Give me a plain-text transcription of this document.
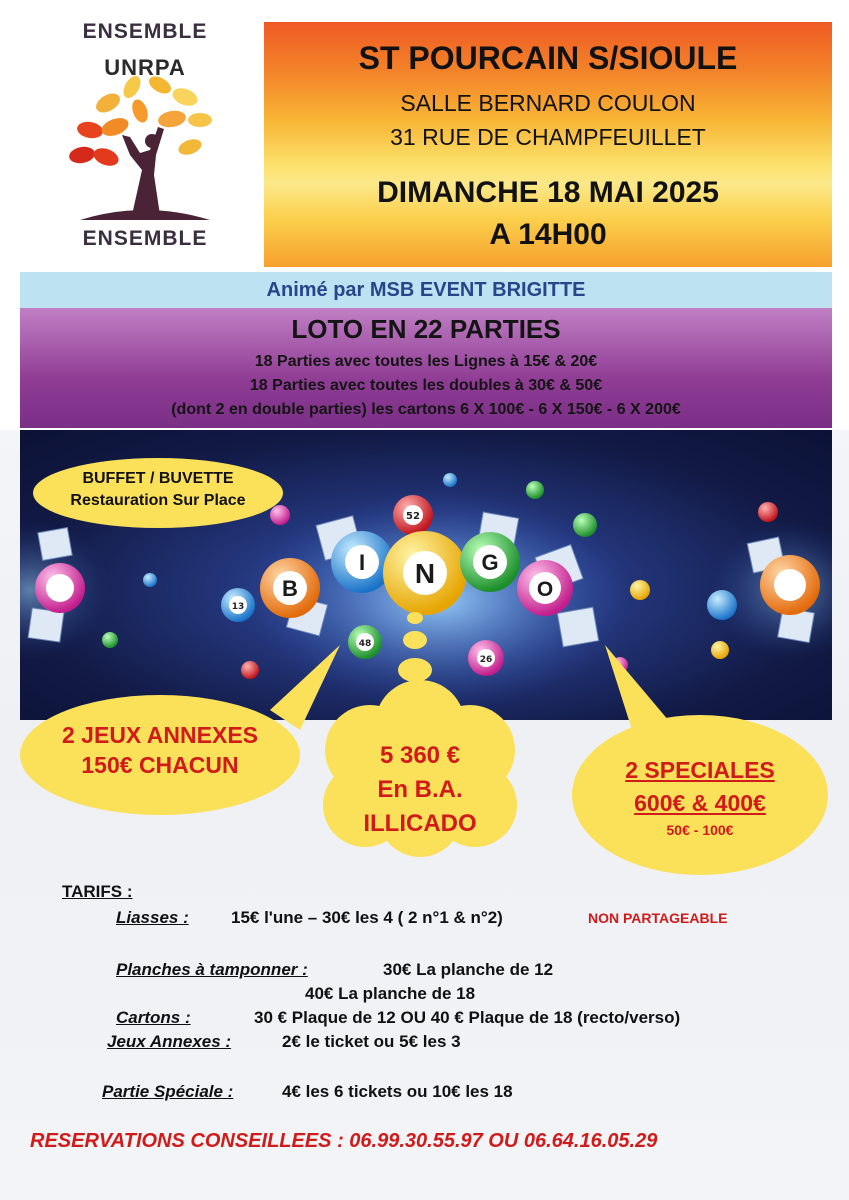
ENSEMBLE
UNRPA
ENSEMBLE
ST POURCAIN S/SIOULE
SALLE BERNARD COULON
31 RUE DE CHAMPFEUILLET
DIMANCHE 18 MAI 2025
A 14H00
Animé par MSB EVENT BRIGITTE
LOTO EN 22 PARTIES
18 Parties avec toutes les Lignes à 15€ & 20€
18 Parties avec toutes les doubles à 30€ & 50€
(dont 2 en double parties) les cartons 6 X 100€ - 6 X 150€ - 6 X 200€
52
13
48
26
B
I N G
O
BUFFET / BUVETTE
Restauration Sur Place
2 JEUX ANNEXES
150€ CHACUN	5 360 €
En B.A.
ILLICADO
2 SPECIALES
600€ & 400€
50€ - 100€
TARIFS :
Liasses : 15€ l'une – 30€ les 4 ( 2 n°1 & n°2)	NON PARTAGEABLE
Planches à tamponner :	30€ La planche de 12
40€ La planche de 18
Cartons :	30 € Plaque de 12 OU 40 € Plaque de 18 (recto/verso)
Jeux Annexes :	2€ le ticket ou 5€ les 3
Partie Spéciale :	4€ les 6 tickets ou 10€ les 18
RESERVATIONS CONSEILLEES : 06.99.30.55.97 OU 06.64.16.05.29
